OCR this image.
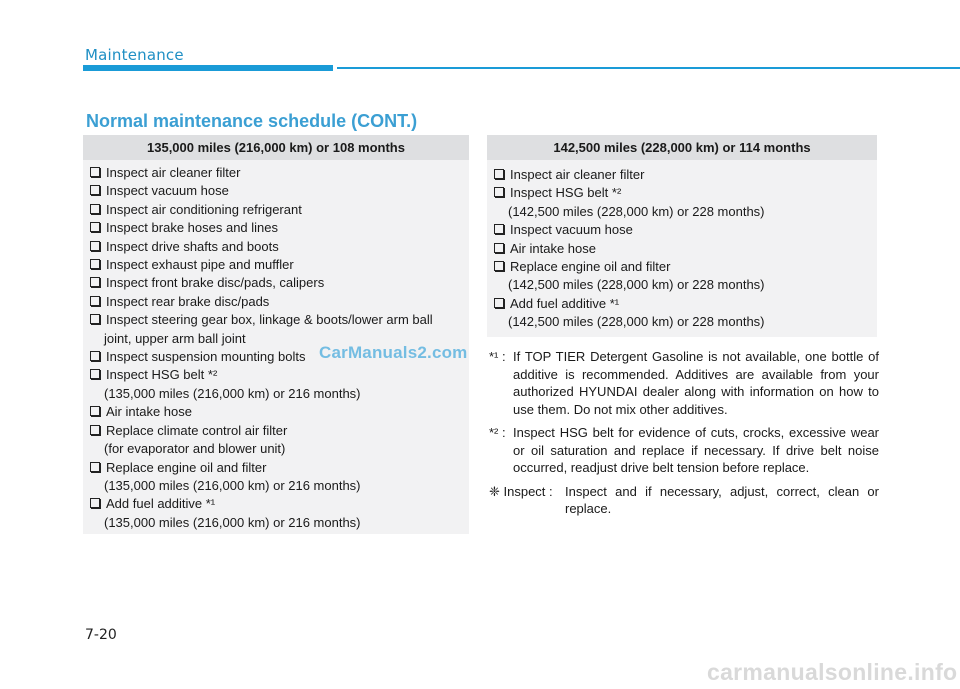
Maintenance
Normal maintenance schedule (CONT.)
135,000 miles (216,000 km) or 108 months
Inspect air cleaner filter
Inspect vacuum hose
Inspect air conditioning refrigerant
Inspect brake hoses and lines
Inspect drive shafts and boots
Inspect exhaust pipe and muffler
Inspect front brake disc/pads, calipers
Inspect rear brake disc/pads
Inspect steering gear box, linkage & boots/lower arm ball
joint, upper arm ball joint
Inspect suspension mounting bolts
Inspect HSG belt *²
(135,000 miles (216,000 km) or 216 months)
Air intake hose
Replace climate control air filter
(for evaporator and blower unit)
Replace engine oil and filter
(135,000 miles (216,000 km) or 216 months)
Add fuel additive *¹
(135,000 miles (216,000 km) or 216 months)
142,500 miles (228,000 km) or 114 months
Inspect air cleaner filter
Inspect HSG belt *²
(142,500 miles (228,000 km) or 228 months)
Inspect vacuum hose
Air intake hose
Replace engine oil and filter
(142,500 miles (228,000 km) or 228 months)
Add fuel additive *¹
(142,500 miles (228,000 km) or 228 months)
*¹ : If TOP TIER Detergent Gasoline is not available, one bottle of additive is recommended. Additives are available from your authorized HYUNDAI dealer along with information on how to use them. Do not mix other additives.
*² : Inspect HSG belt for evidence of cuts, crocks, excessive wear or oil saturation and replace if necessary. If drive belt noise occurred, readjust drive belt tension before replace.
❈ Inspect : Inspect and if necessary, adjust, correct, clean or replace.
CarManuals2.com
7-20
carmanualsonline.info
